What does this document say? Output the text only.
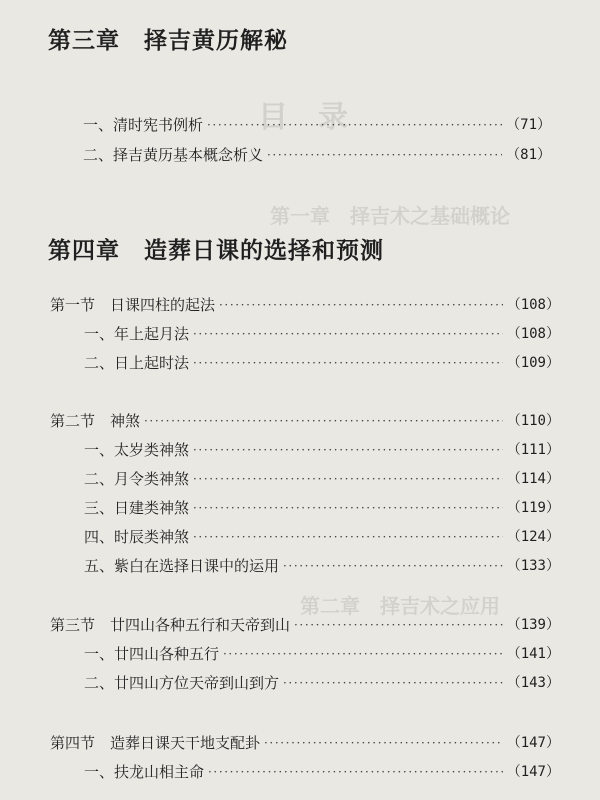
目　录
第一章　择吉术之基础概论
第二章　择吉术之应用
第三章　择吉黄历解秘
一、清时宪书例析 ·····	（71）
二、择吉黄历基本概念析义 ·····	（81）
第四章　造葬日课的选择和预测
第一节　日课四柱的起法 ·····	（108）
一、年上起月法 ·····	（108）
二、日上起时法 ·····	（109）
第二节　神煞 ·····	（110）
一、太岁类神煞 ·····	（111）
二、月令类神煞 ·····	（114）
三、日建类神煞 ·····	（119）
四、时辰类神煞 ·····	（124）
五、紫白在选择日课中的运用 ·····	（133）
第三节　廿四山各种五行和天帝到山 ·····	（139）
一、廿四山各种五行 ·····	（141）
二、廿四山方位天帝到山到方 ·····	（143）
第四节　造葬日课天干地支配卦 ·····	（147）
一、扶龙山相主命 ·····	（147）
